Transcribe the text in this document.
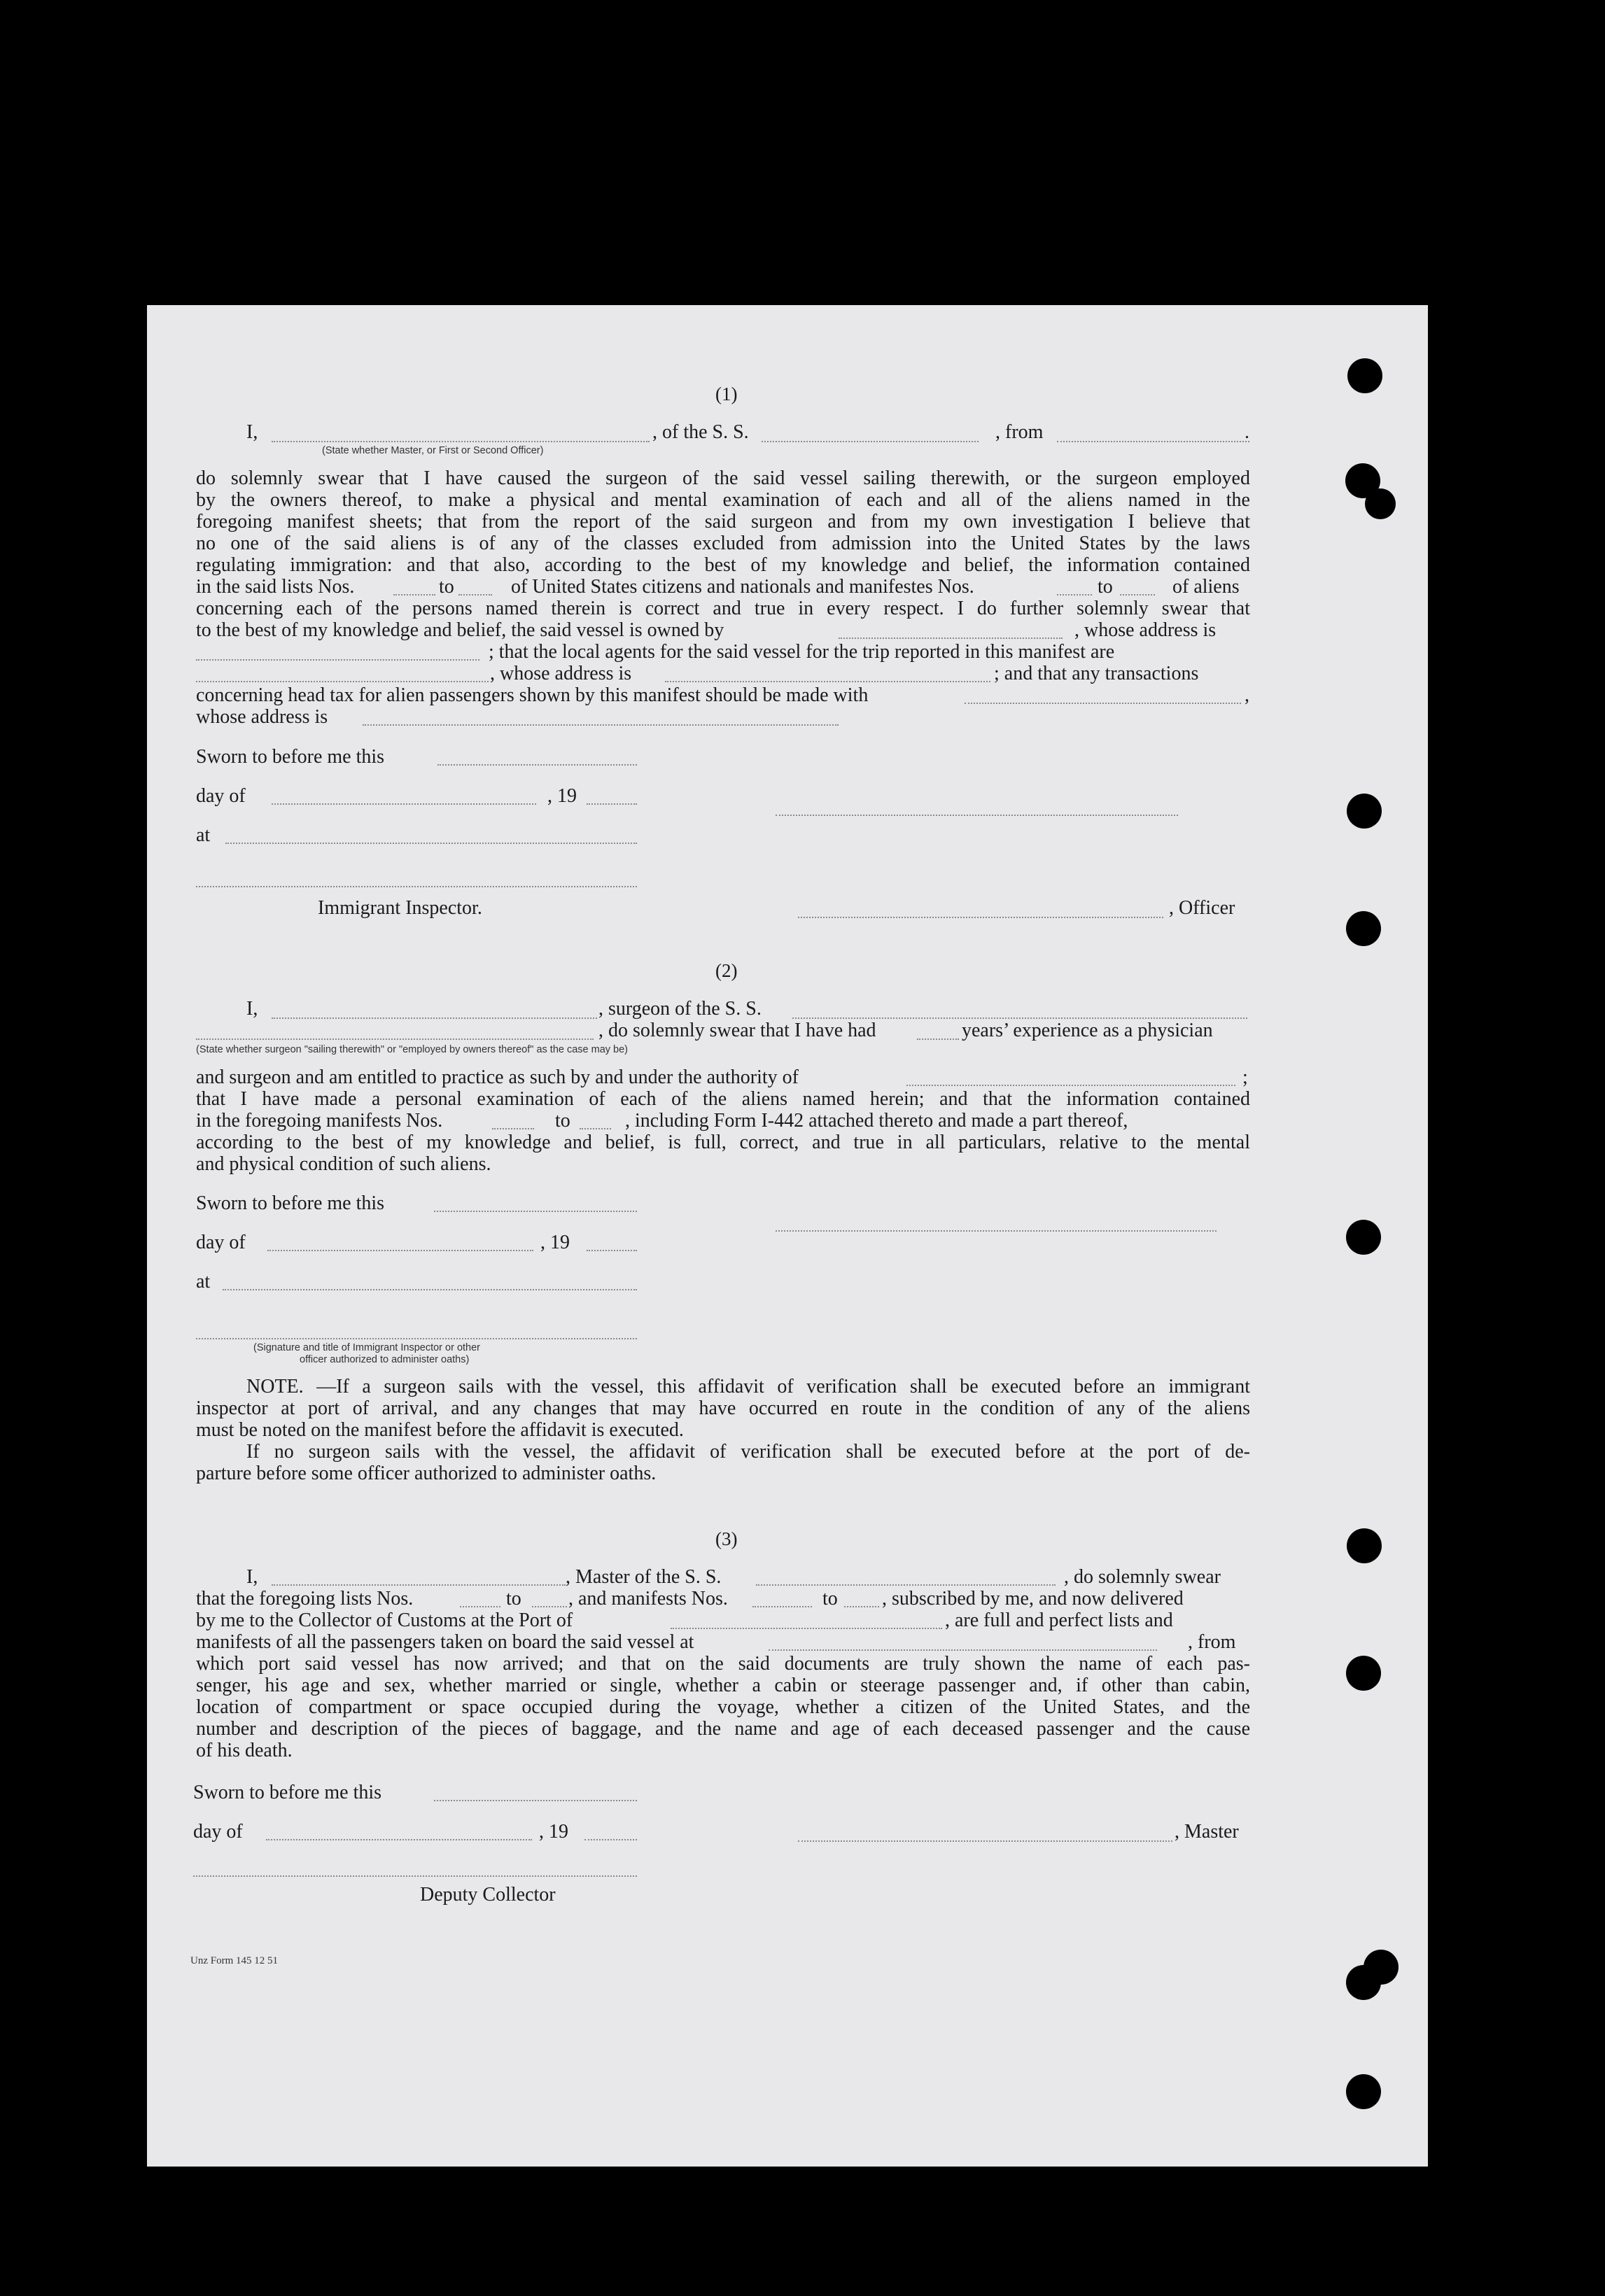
(1)
I,	, of the S. S.	, from	.
(State whether Master, or First or Second Officer)
do solemnly swear that I have caused the surgeon of the said vessel sailing therewith, or the surgeon employed
by the owners thereof, to make a physical and mental examination of each and all of the aliens named in the
foregoing manifest sheets; that from the report of the said surgeon and from my own investigation I believe that
no one of the said aliens is of any of the classes excluded from admission into the United States by the laws
regulating immigration: and that also, according to the best of my knowledge and belief, the information contained
in the said lists Nos.	to	of United States citizens and nationals and manifestes Nos.	to	of aliens
concerning each of the persons named therein is correct and true in every respect. I do further solemnly swear that
to the best of my knowledge and belief, the said vessel is owned by	, whose address is
; that the local agents for the said vessel for the trip reported in this manifest are
, whose address is	; and that any transactions
concerning head tax for alien passengers shown by this manifest should be made with	,
whose address is
Sworn to before me this
day of	, 19
at
Immigrant Inspector.	, Officer
(2)
I,	, surgeon of the S. S.
, do solemnly swear that I have had	years’ experience as a physician
(State whether surgeon "sailing therewith" or "employed by owners thereof" as the case may be)
and surgeon and am entitled to practice as such by and under the authority of	;
that I have made a personal examination of each of the aliens named herein; and that the information contained
in the foregoing manifests Nos.	to	, including Form I-442 attached thereto and made a part thereof,
according to the best of my knowledge and belief, is full, correct, and true in all particulars, relative to the mental
and physical condition of such aliens.
Sworn to before me this
day of	, 19
at
(Signature and title of Immigrant Inspector or other
officer authorized to administer oaths)
NOTE. —If a surgeon sails with the vessel, this affidavit of verification shall be executed before an immigrant
inspector at port of arrival, and any changes that may have occurred en route in the condition of any of the aliens
must be noted on the manifest before the affidavit is executed.
If no surgeon sails with the vessel, the affidavit of verification shall be executed before at the port of de-
parture before some officer authorized to administer oaths.
(3)
I,	, Master of the S. S.	, do solemnly swear
that the foregoing lists Nos.	to , and manifests Nos.	to , subscribed by me, and now delivered
by me to the Collector of Customs at the Port of	, are full and perfect lists and
manifests of all the passengers taken on board the said vessel at	, from
which port said vessel has now arrived; and that on the said documents are truly shown the name of each pas-
senger, his age and sex, whether married or single, whether a cabin or steerage passenger and, if other than cabin,
location of compartment or space occupied during the voyage, whether a citizen of the United States, and the
number and description of the pieces of baggage, and the name and age of each deceased passenger and the cause
of his death.
Sworn to before me this
day of	, 19	, Master
Deputy Collector
Unz Form 145 12 51
